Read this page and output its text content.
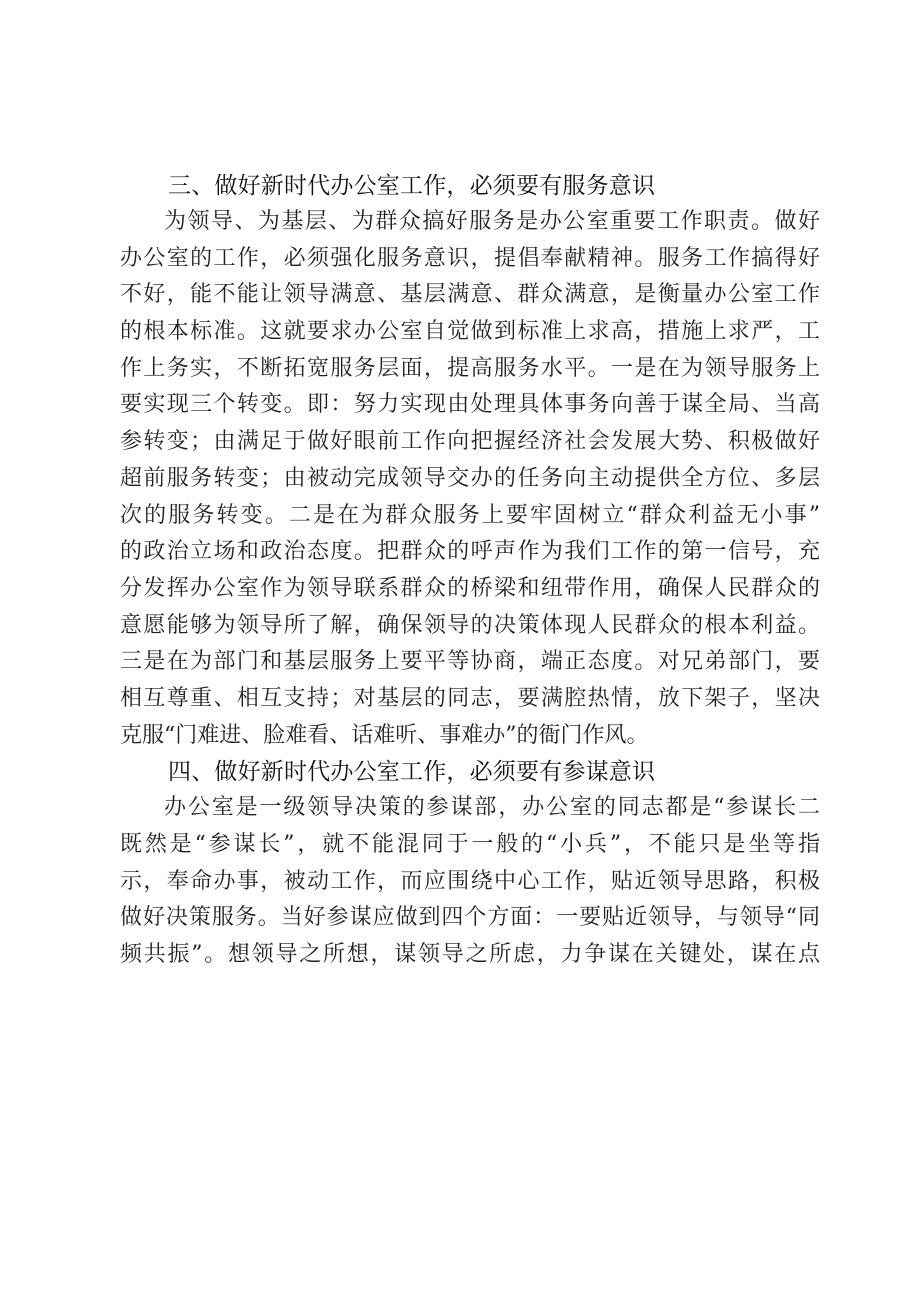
三、做好新时代办公室工作，必须要有服务意识
为领导、为基层、为群众搞好服务是办公室重要工作职责。做好
办公室的工作，必须强化服务意识，提倡奉献精神。服务工作搞得好
不好，能不能让领导满意、基层满意、群众满意，是衡量办公室工作
的根本标准。这就要求办公室自觉做到标准上求高，措施上求严，工
作上务实，不断拓宽服务层面，提高服务水平。一是在为领导服务上
要实现三个转变。即：努力实现由处理具体事务向善于谋全局、当高
参转变；由满足于做好眼前工作向把握经济社会发展大势、积极做好
超前服务转变；由被动完成领导交办的任务向主动提供全方位、多层
次的服务转变。二是在为群众服务上要牢固树立“群众利益无小事”
的政治立场和政治态度。把群众的呼声作为我们工作的第一信号，充
分发挥办公室作为领导联系群众的桥梁和纽带作用，确保人民群众的
意愿能够为领导所了解，确保领导的决策体现人民群众的根本利益。
三是在为部门和基层服务上要平等协商，端正态度。对兄弟部门，要
相互尊重、相互支持；对基层的同志，要满腔热情，放下架子，坚决
克服“门难进、脸难看、话难听、事难办”的衙门作风。
四、做好新时代办公室工作，必须要有参谋意识
办公室是一级领导决策的参谋部，办公室的同志都是“参谋长二
既然是“参谋长”，就不能混同于一般的“小兵”，不能只是坐等指
示，奉命办事，被动工作，而应围绕中心工作，贴近领导思路，积极
做好决策服务。当好参谋应做到四个方面：一要贴近领导，与领导“同
频共振”。想领导之所想，谋领导之所虑，力争谋在关键处，谋在点
